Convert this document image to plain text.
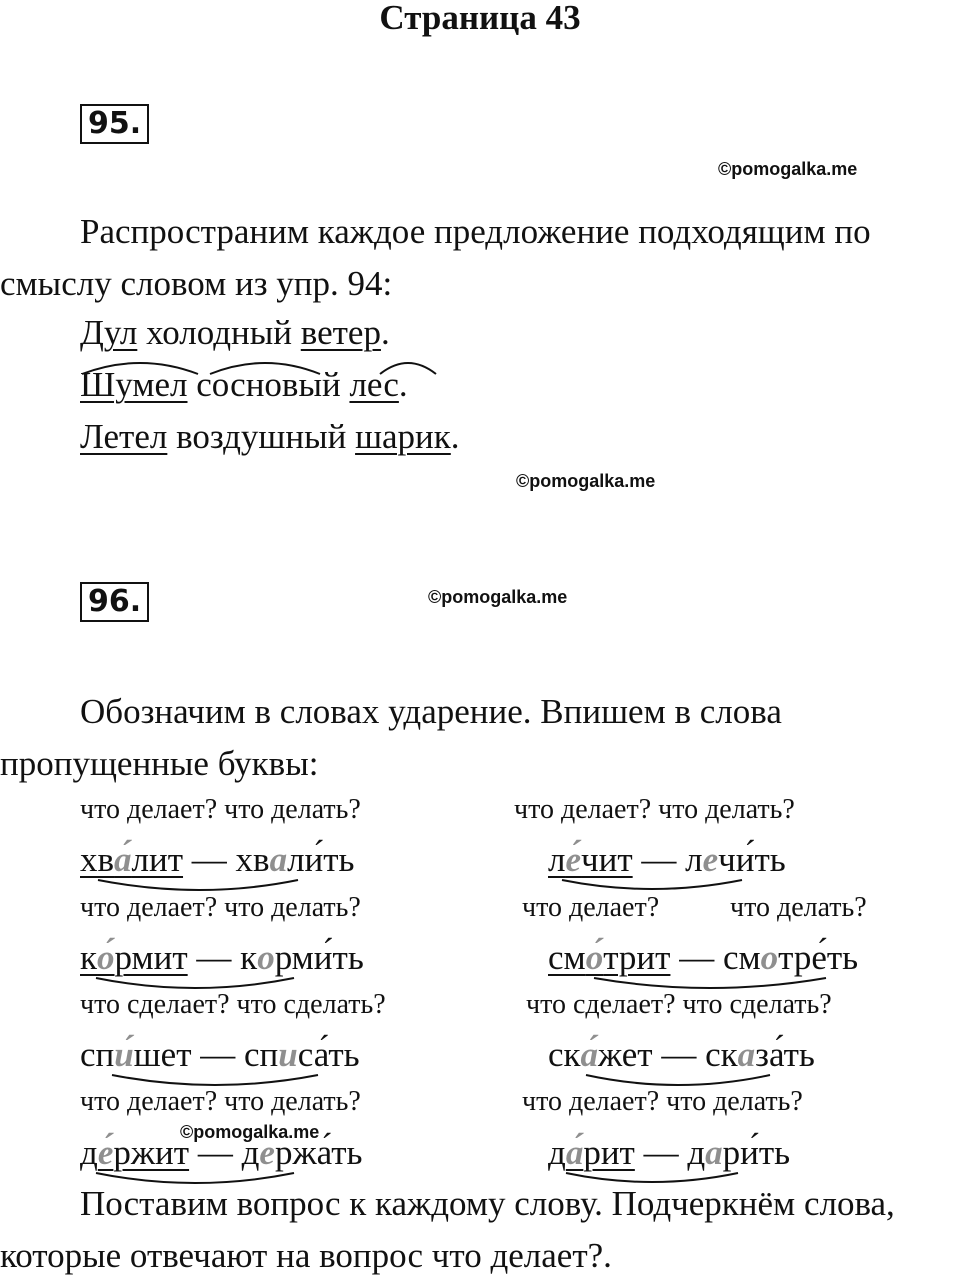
Страница 43
95.
©pomogalka.me
Распространим каждое предложение подходящим по смыслу словом из упр. 94:
Дул холодный ветер.
Шумел сосновый лес.
Летел воздушный шарик.
©pomogalka.me
96.	©pomogalka.me
Обозначим в словах ударение. Впишем в слова пропущенные буквы:
что делает? что делать?
хва́лит — хвали́ть
что делает? что делать?
ко́рмит — корми́ть
что сделает? что сделать?
спи́шет — списа́ть
что делает? что делать?
©pomogalka.me
де́ржит — держа́ть
что делает? что делать?
ле́чит — лечи́ть
что делает?	что делать?
смо́трит — смотре́ть
что сделает? что сделать?
ска́жет — сказа́ть
что делает? что делать?
да́рит — дари́ть
Поставим вопрос к каждому слову. Подчеркнём слова, которые отвечают на вопрос что делает?.
